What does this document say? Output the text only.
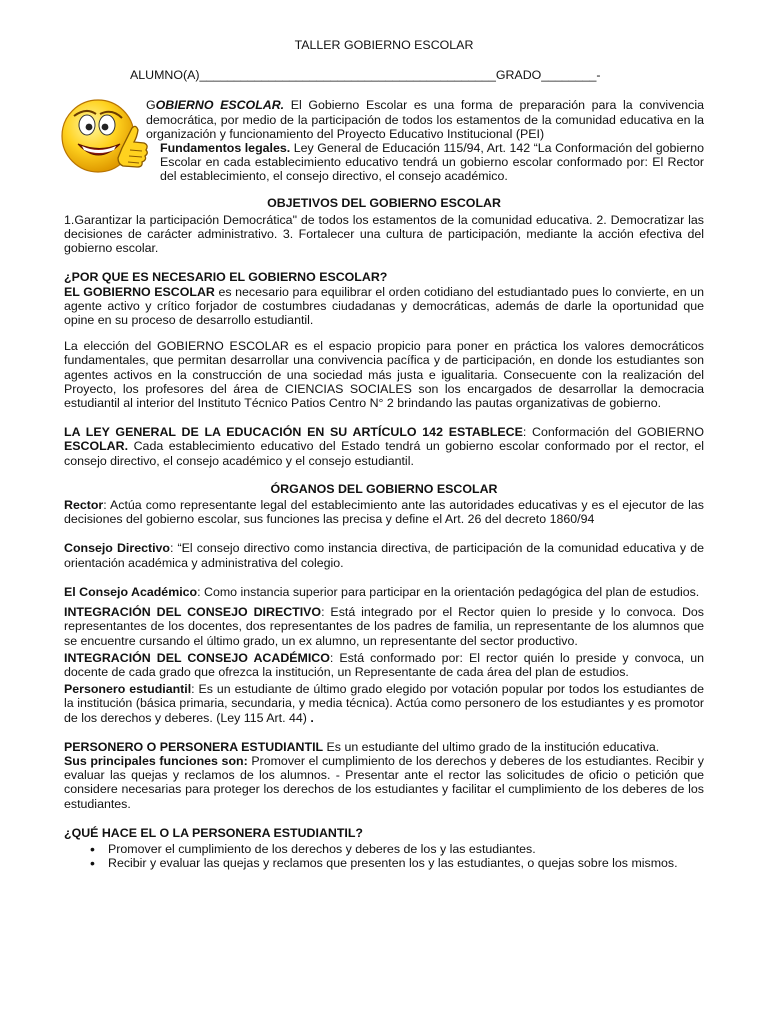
TALLER GOBIERNO ESCOLAR

ALUMNO(A)___________________________________________GRADO________-

GOBIERNO ESCOLAR. El Gobierno Escolar es una forma de preparación para la convivencia democrática, por medio de la participación de todos los estamentos de la comunidad educativa en la organización y funcionamiento del Proyecto Educativo Institucional (PEI)

Fundamentos legales. Ley General de Educación 115/94, Art. 142 “La Conformación del gobierno Escolar en cada establecimiento educativo tendrá un gobierno escolar conformado por: El Rector del establecimiento, el consejo directivo, el consejo académico.

OBJETIVOS DEL GOBIERNO ESCOLAR

1.Garantizar la participación Democrática" de todos los estamentos de la comunidad educativa. 2. Democratizar las decisiones de carácter administrativo. 3. Fortalecer una cultura de participación, mediante la acción efectiva del gobierno escolar.

¿POR QUE ES NECESARIO EL GOBIERNO ESCOLAR?

EL GOBIERNO ESCOLAR es necesario para equilibrar el orden cotidiano del estudiantado pues lo convierte, en un agente activo y crítico forjador de costumbres ciudadanas y democráticas, además de darle la oportunidad que opine en su proceso de desarrollo estudiantil.

La elección del GOBIERNO ESCOLAR es el espacio propicio para poner en práctica los valores democráticos fundamentales, que permitan desarrollar una convivencia pacífica y de participación, en donde los estudiantes son agentes activos en la construcción de una sociedad más justa e igualitaria. Consecuente con la realización del Proyecto, los profesores del área de CIENCIAS SOCIALES son los encargados de desarrollar la democracia estudiantil al interior del Instituto Técnico Patios Centro N° 2 brindando las pautas organizativas de gobierno.

LA LEY GENERAL DE LA EDUCACIÓN EN SU ARTÍCULO 142 ESTABLECE: Conformación del GOBIERNO ESCOLAR. Cada establecimiento educativo del Estado tendrá un gobierno escolar conformado por el rector, el consejo directivo, el consejo académico y el consejo estudiantil.

ÓRGANOS DEL GOBIERNO ESCOLAR

Rector: Actúa como representante legal del establecimiento ante las autoridades educativas y es el ejecutor de las decisiones del gobierno escolar, sus funciones las precisa y define el Art. 26 del decreto 1860/94

Consejo Directivo: “El consejo directivo como instancia directiva, de participación de la comunidad educativa y de orientación académica y administrativa del colegio.

El Consejo Académico: Como instancia superior para participar en la orientación pedagógica del plan de estudios.

INTEGRACIÓN DEL CONSEJO DIRECTIVO: Está integrado por el Rector quien lo preside y lo convoca. Dos representantes de los docentes, dos representantes de los padres de familia, un representante de los alumnos que se encuentre cursando el último grado, un ex alumno, un representante del sector productivo.

INTEGRACIÓN DEL CONSEJO ACADÉMICO: Está conformado por: El rector quién lo preside y convoca, un docente de cada grado que ofrezca la institución, un Representante de cada área del plan de estudios.

Personero estudiantil: Es un estudiante de último grado elegido por votación popular por todos los estudiantes de la institución (básica primaria, secundaria, y media técnica). Actúa como personero de los estudiantes y es promotor de los derechos y deberes. (Ley 115 Art. 44) .

PERSONERO O PERSONERA ESTUDIANTIL Es un estudiante del ultimo grado de la institución educativa.
Sus principales funciones son: Promover el cumplimiento de los derechos y deberes de los estudiantes. Recibir y evaluar las quejas y reclamos de los alumnos. - Presentar ante el rector las solicitudes de oficio o petición que considere necesarias para proteger los derechos de los estudiantes y facilitar el cumplimiento de los deberes de los estudiantes.

¿QUÉ HACE EL O LA PERSONERA ESTUDIANTIL?

• Promover el cumplimiento de los derechos y deberes de los y las estudiantes.
• Recibir y evaluar las quejas y reclamos que presenten los y las estudiantes, o quejas sobre los mismos.
